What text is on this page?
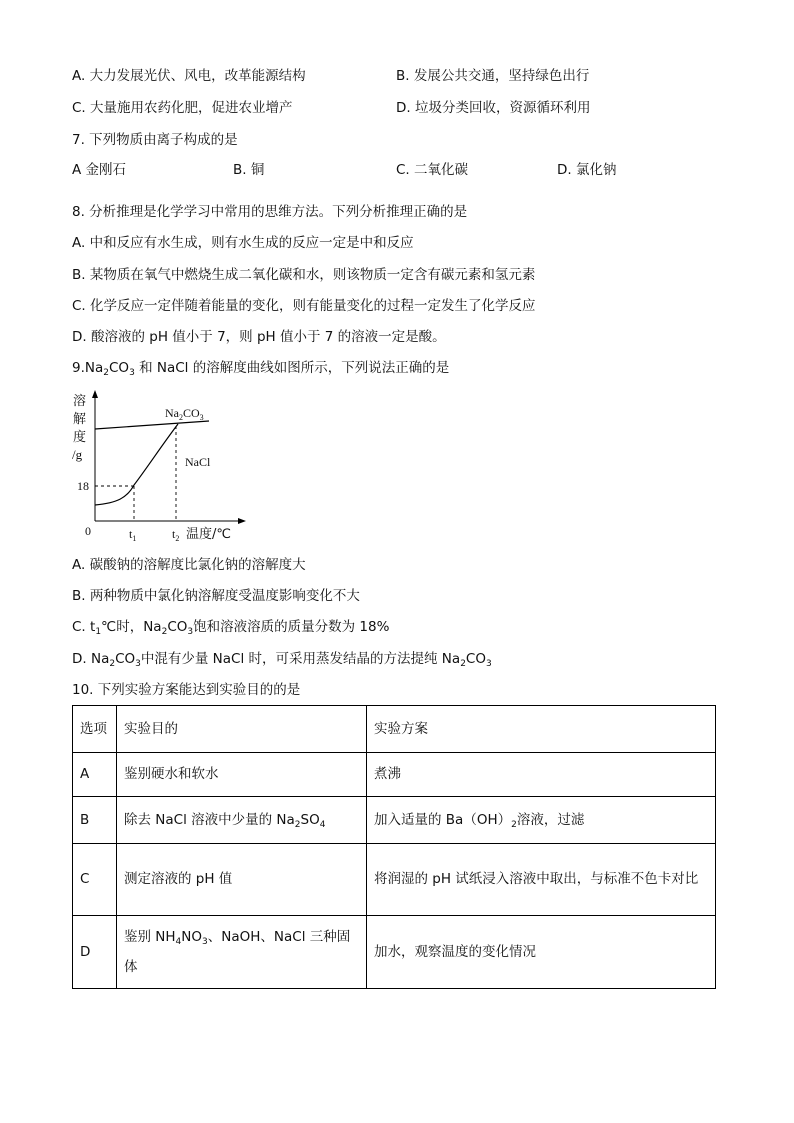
A. 大力发展光伏、风电，改革能源结构	B. 发展公共交通，坚持绿色出行
C. 大量施用农药化肥，促进农业增产	D. 垃圾分类回收，资源循环利用
7. 下列物质由离子构成的是
A 金刚石	B. 铜	C. 二氧化碳	D. 氯化钠
8. 分析推理是化学学习中常用的思维方法。下列分析推理正确的是
A. 中和反应有水生成，则有水生成的反应一定是中和反应
B. 某物质在氧气中燃烧生成二氧化碳和水，则该物质一定含有碳元素和氢元素
C. 化学反应一定伴随着能量的变化，则有能量变化的过程一定发生了化学反应
D. 酸溶液的 pH 值小于 7，则 pH 值小于 7 的溶液一定是酸。
$9.Na_2CO_3$ 和 NaCl 的溶解度曲线如图所示，下列说法正确的是
溶
解
度
/g
18
0	$t_1$	$t_2$ 温度/℃
$Na_2CO_3$
NaCl
A. 碳酸钠的溶解度比氯化钠的溶解度大
B. 两种物质中氯化钠溶解度受温度影响变化不大
C. $t_1℃$时，$Na_2CO_3$饱和溶液溶质的质量分数为 18%
D. $Na_2CO_3$中混有少量 NaCl 时，可采用蒸发结晶的方法提纯 $Na_2CO_3$
10. 下列实验方案能达到实验目的的是
选项	实验目的	实验方案
A	鉴别硬水和软水	煮沸
B	除去 NaCl 溶液中少量的 $Na_2SO_4$	加入适量的 $Ba(OH)_2$溶液，过滤
C	测定溶液的 pH 值	将润湿的 pH 试纸浸入溶液中取出，与标准不色卡对比
D	鉴别 $NH_4NO_3$、NaOH、NaCl 三种固体	加水，观察温度的变化情况
